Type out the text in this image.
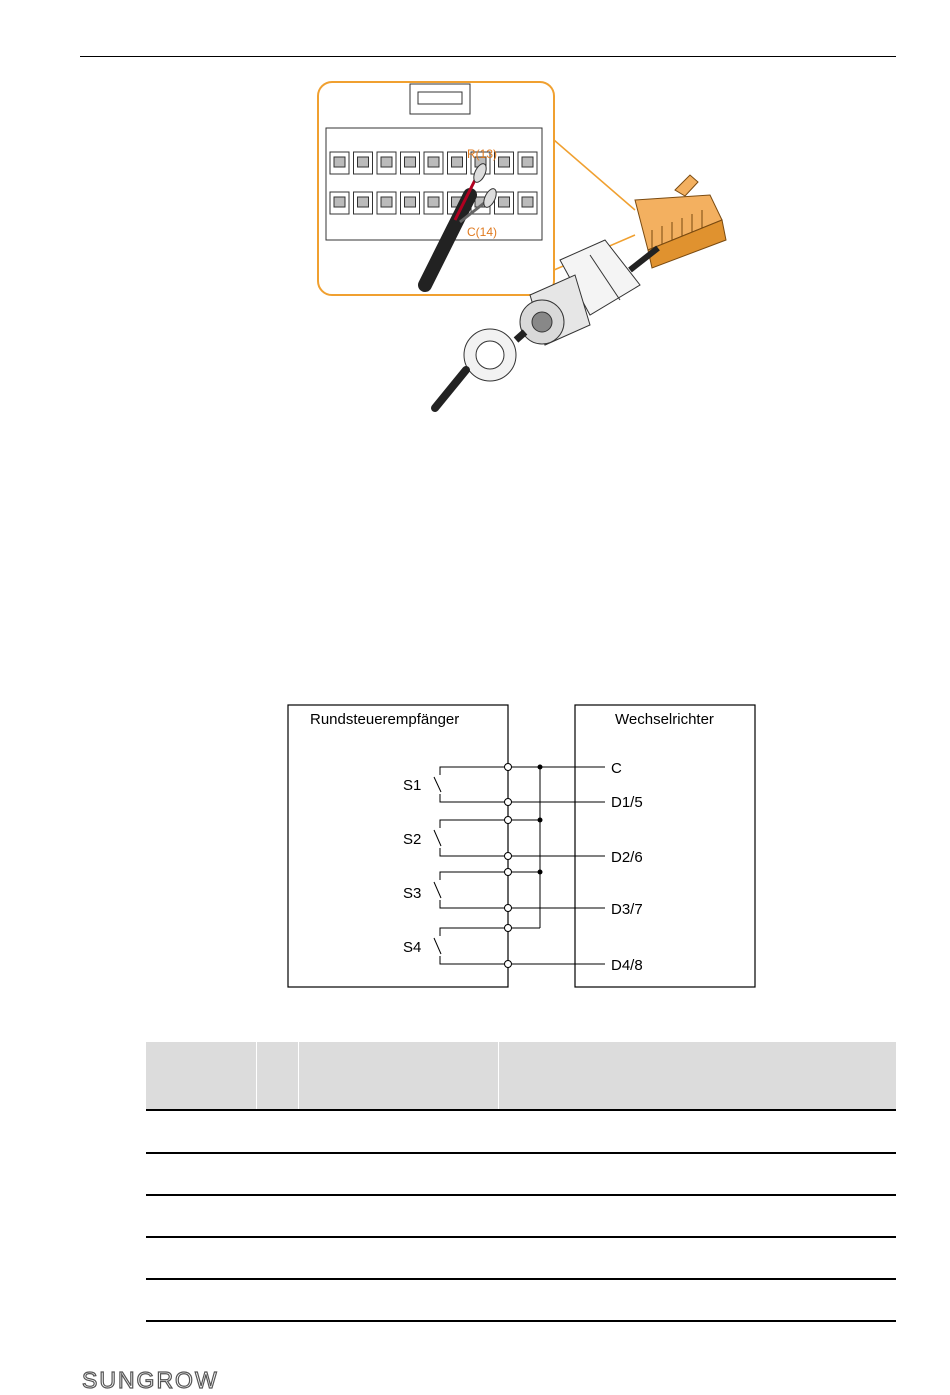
R(13)
C(14)
Rundsteuerempfänger	Wechselrichter
S1
S2
S3
S4
C
D1/5
D2/6
D3/7
D4/8
SUNGROW
